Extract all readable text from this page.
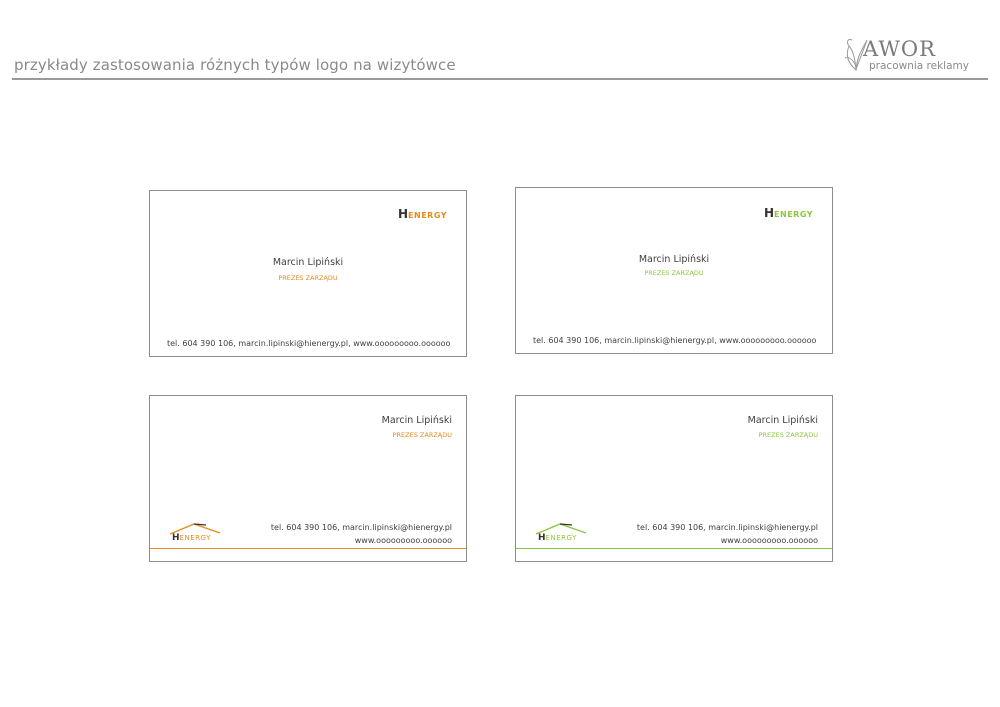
przykłady zastosowania różnych typów logo na wizytówce
AWOR
pracownia reklamy
HENERGY
Marcin Lipiński
PREZES ZARZĄDU
tel. 604 390 106, marcin.lipinski@hienergy.pl, www.ooooooooo.oooooo
HENERGY
Marcin Lipiński
PREZES ZARZĄDU
tel. 604 390 106, marcin.lipinski@hienergy.pl, www.ooooooooo.oooooo
Marcin Lipiński
PREZES ZARZĄDU
tel. 604 390 106, marcin.lipinski@hienergy.pl
www.ooooooooo.oooooo
HENERGY
Marcin Lipiński
PREZES ZARZĄDU
tel. 604 390 106, marcin.lipinski@hienergy.pl
www.ooooooooo.oooooo
HENERGY
